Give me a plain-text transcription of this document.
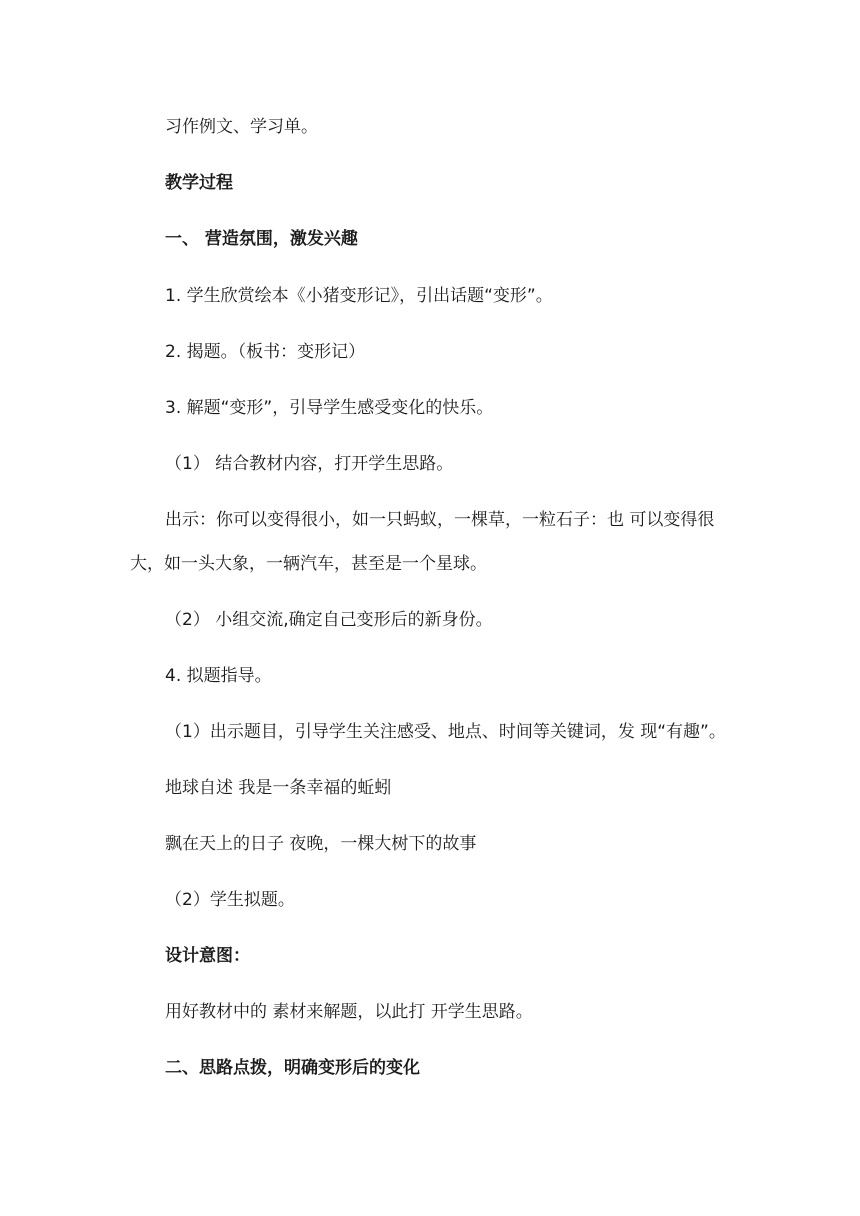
习作例文、学习单。
教学过程
一、 营造氛围，激发兴趣
1. 学生欣赏绘本《小猪变形记》，引出话题“变形”。
2. 揭题。（板书：变形记）
3. 解题“变形”，引导学生感受变化的快乐。
（1） 结合教材内容，打开学生思路。
出示：你可以变得很小，如一只蚂蚁，一棵草，一粒石子：也 可以变得很
大，如一头大象，一辆汽车，甚至是一个星球。
（2） 小组交流,确定自己变形后的新身份。
4. 拟题指导。
（1）出示题目，引导学生关注感受、地点、时间等关键词，发 现“有趣”。
地球自述 我是一条幸福的蚯蚓
飘在天上的日子 夜晚，一棵大树下的故事
（2）学生拟题。
设计意图：
用好教材中的 素材来解题，以此打 开学生思路。
二、思路点拨，明确变形后的变化
